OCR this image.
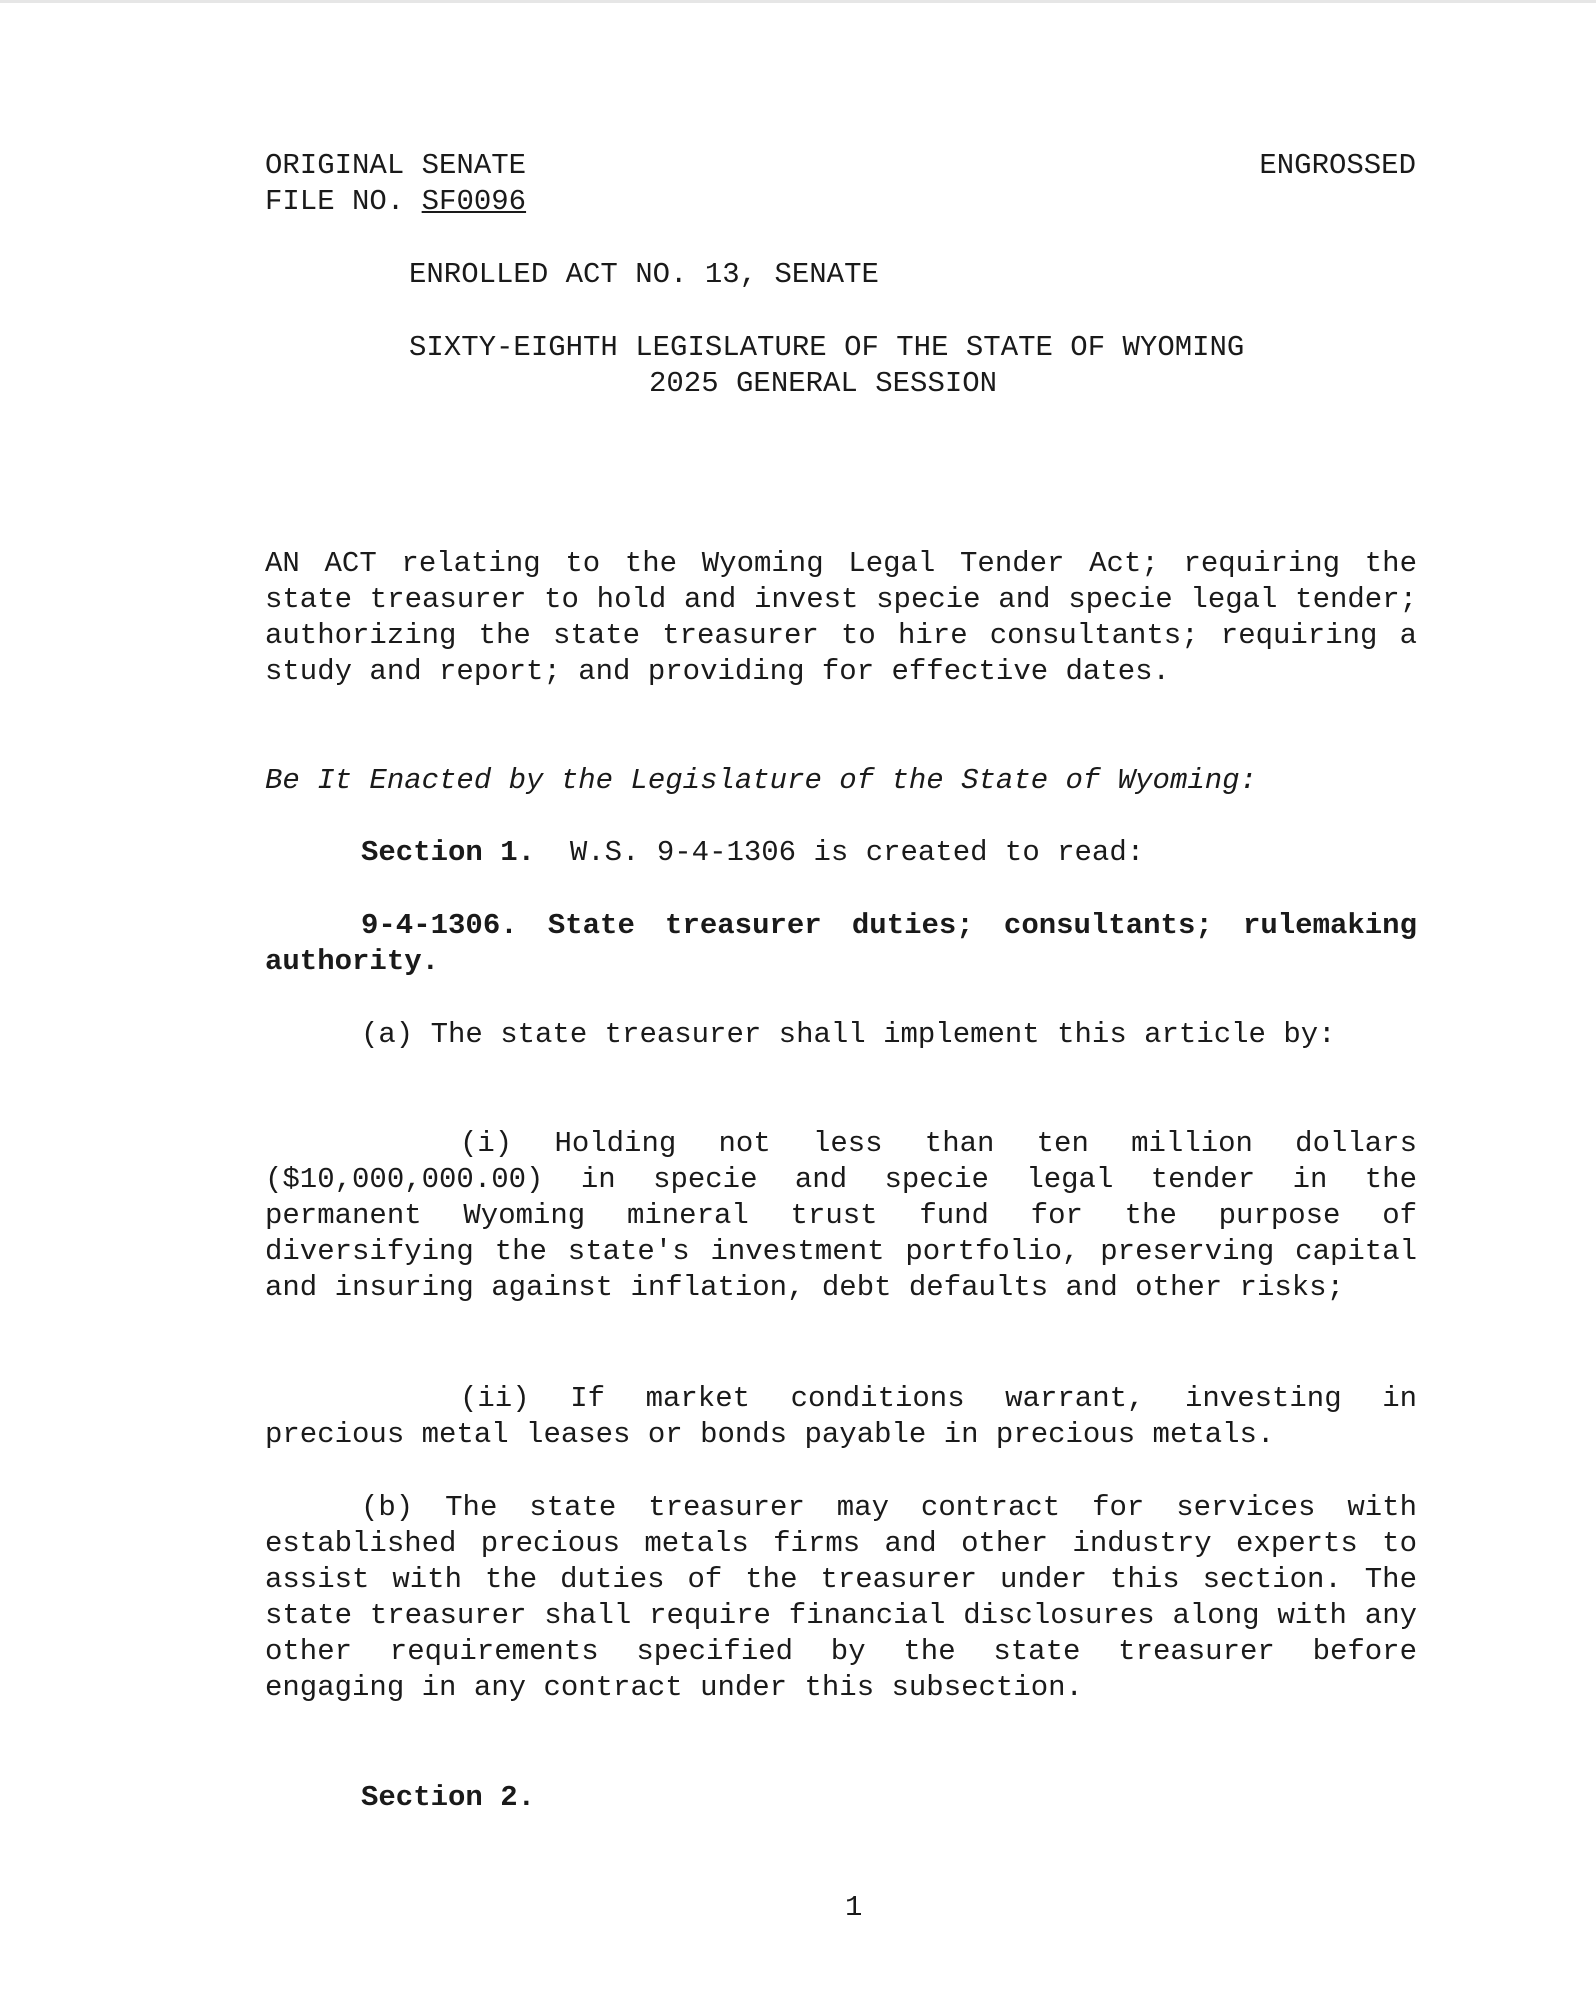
ORIGINAL SENATE
FILE NO. SF0096
ENGROSSED
ENROLLED ACT NO. 13, SENATE
SIXTY-EIGHTH LEGISLATURE OF THE STATE OF WYOMING
2025 GENERAL SESSION
AN ACT relating to the Wyoming Legal Tender Act; requiring the state treasurer to hold and invest specie and specie legal tender; authorizing the state treasurer to hire consultants; requiring a study and report; and providing for effective dates.
Be It Enacted by the Legislature of the State of Wyoming:
Section 1. W.S. 9-4-1306 is created to read:
9-4-1306. State treasurer duties; consultants; rulemaking authority.
(a) The state treasurer shall implement this article by:
(i) Holding not less than ten million dollars ($10,000,000.00) in specie and specie legal tender in the permanent Wyoming mineral trust fund for the purpose of diversifying the state's investment portfolio, preserving capital and insuring against inflation, debt defaults and other risks;
(ii) If market conditions warrant, investing in precious metal leases or bonds payable in precious metals.
(b) The state treasurer may contract for services with established precious metals firms and other industry experts to assist with the duties of the treasurer under this section. The state treasurer shall require financial disclosures along with any other requirements specified by the state treasurer before engaging in any contract under this subsection.
Section 2.
1
